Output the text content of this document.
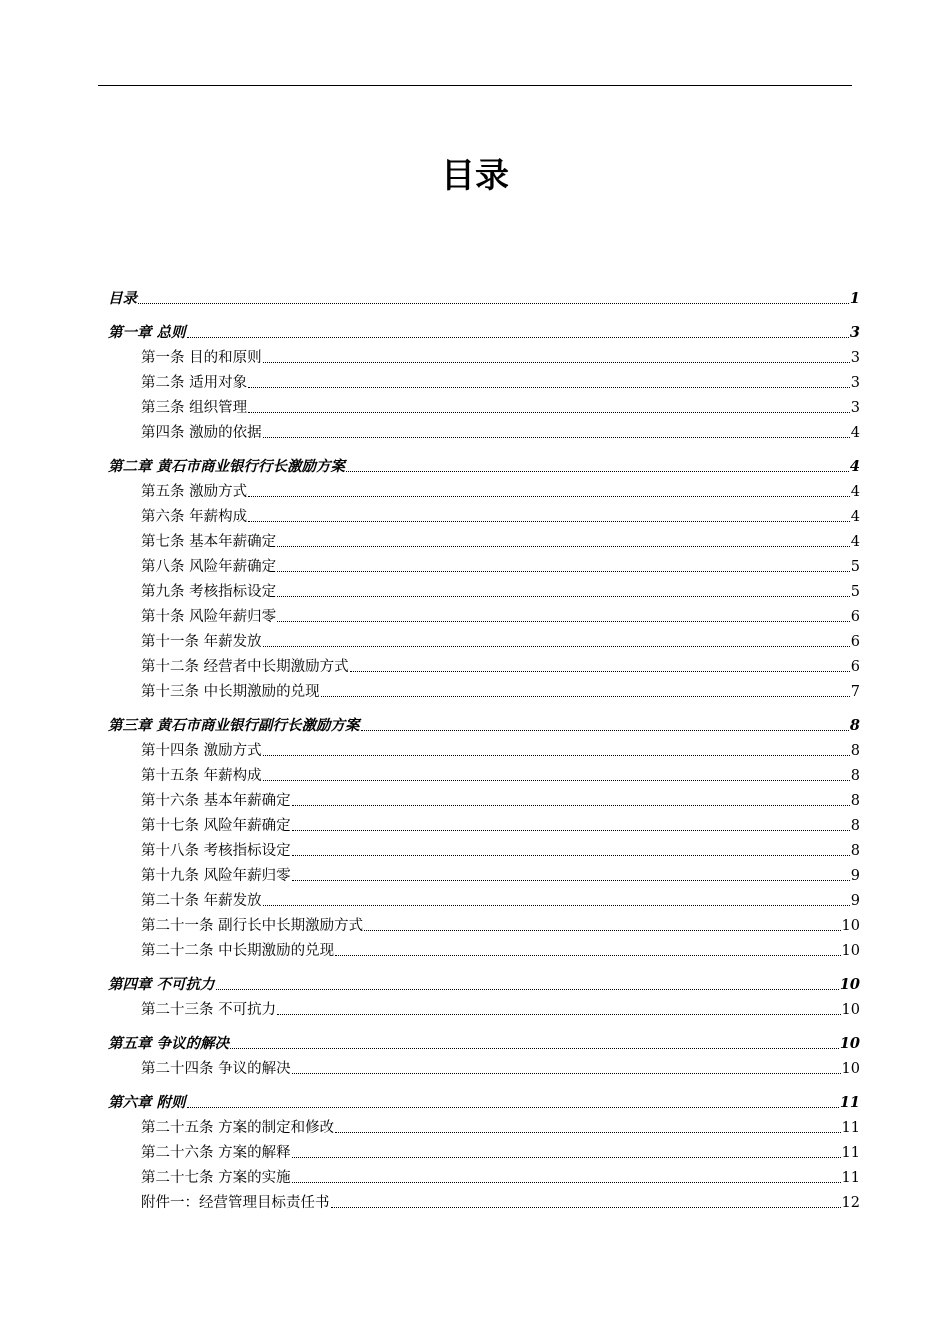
目录
目录	1
第一章 总则	3
第一条 目的和原则	3
第二条 适用对象	3
第三条 组织管理	3
第四条 激励的依据	4
第二章 黄石市商业银行行长激励方案	4
第五条 激励方式	4
第六条 年薪构成	4
第七条 基本年薪确定	4
第八条 风险年薪确定	5
第九条 考核指标设定	5
第十条 风险年薪归零	6
第十一条 年薪发放	6
第十二条 经营者中长期激励方式	6
第十三条 中长期激励的兑现	7
第三章 黄石市商业银行副行长激励方案	8
第十四条 激励方式	8
第十五条 年薪构成	8
第十六条 基本年薪确定	8
第十七条 风险年薪确定	8
第十八条 考核指标设定	8
第十九条 风险年薪归零	9
第二十条 年薪发放	9
第二十一条 副行长中长期激励方式	10
第二十二条 中长期激励的兑现	10
第四章 不可抗力	10
第二十三条 不可抗力	10
第五章 争议的解决	10
第二十四条 争议的解决	10
第六章 附则	11
第二十五条 方案的制定和修改	11
第二十六条 方案的解释	11
第二十七条 方案的实施	11
附件一：经营管理目标责任书	12
